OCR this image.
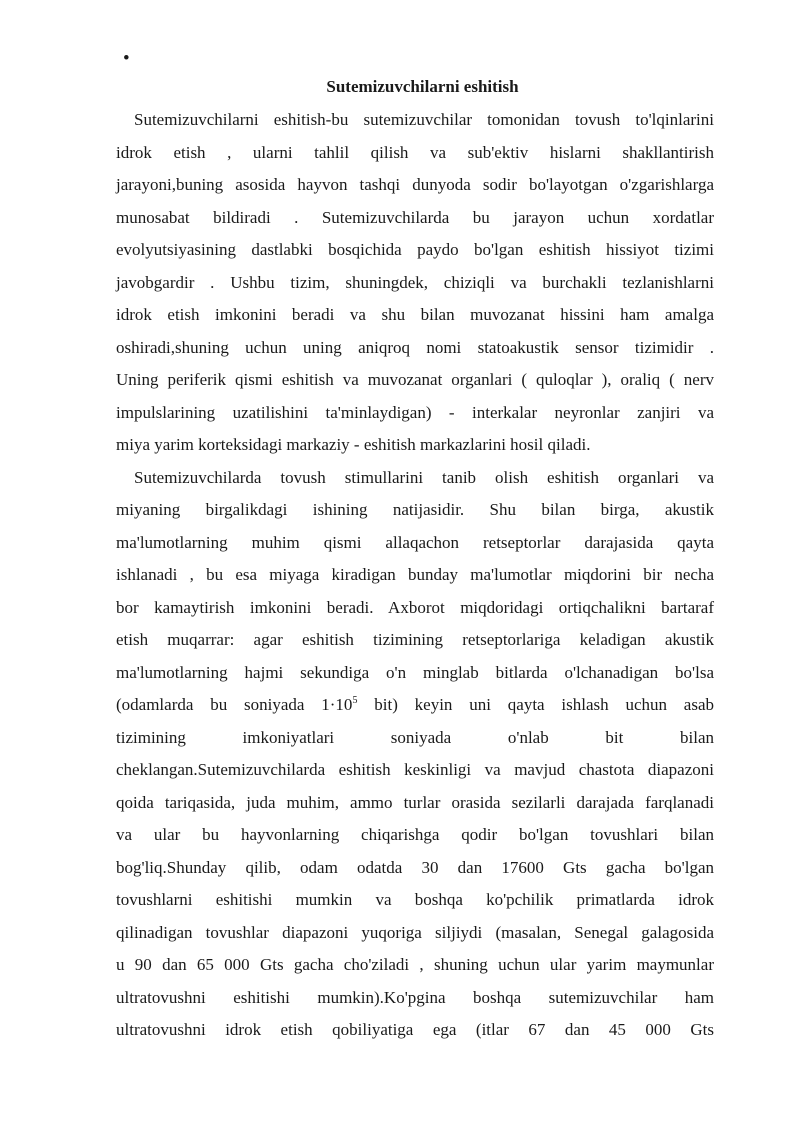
•
Sutemizuvchilarni eshitish
Sutemizuvchilarni eshitish-bu sutemizuvchilar tomonidan tovush to'lqinlarini
idrok etish , ularni tahlil qilish va sub'ektiv hislarni shakllantirish
jarayoni,buning asosida hayvon tashqi dunyoda sodir bo'layotgan o'zgarishlarga
munosabat bildiradi . Sutemizuvchilarda bu jarayon uchun xordatlar
evolyutsiyasining dastlabki bosqichida paydo bo'lgan eshitish hissiyot tizimi
javobgardir . Ushbu tizim, shuningdek, chiziqli va burchakli tezlanishlarni
idrok etish imkonini beradi va shu bilan muvozanat hissini ham amalga
oshiradi,shuning uchun uning aniqroq nomi statoakustik sensor tizimidir .
Uning periferik qismi eshitish va muvozanat organlari ( quloqlar ), oraliq ( nerv
impulslarining uzatilishini ta'minlaydigan) - interkalar neyronlar zanjiri va
miya yarim korteksidagi markaziy - eshitish markazlarini hosil qiladi.
Sutemizuvchilarda tovush stimullarini tanib olish eshitish organlari va
miyaning birgalikdagi ishining natijasidir. Shu bilan birga, akustik
ma'lumotlarning muhim qismi allaqachon retseptorlar darajasida qayta
ishlanadi , bu esa miyaga kiradigan bunday ma'lumotlar miqdorini bir necha
bor kamaytirish imkonini beradi. Axborot miqdoridagi ortiqchalikni bartaraf
etish muqarrar: agar eshitish tizimining retseptorlariga keladigan akustik
ma'lumotlarning hajmi sekundiga o'n minglab bitlarda o'lchanadigan bo'lsa
(odamlarda bu soniyada $1\cdot 10^5$ bit) keyin uni qayta ishlash uchun asab
tizimining imkoniyatlari soniyada o'nlab bit bilan
cheklangan.Sutemizuvchilarda eshitish keskinligi va mavjud chastota diapazoni
qoida tariqasida, juda muhim, ammo turlar orasida sezilarli darajada farqlanadi
va ular bu hayvonlarning chiqarishga qodir bo'lgan tovushlari bilan
bog'liq.Shunday qilib, odam odatda 30 dan 17600 Gts gacha bo'lgan
tovushlarni eshitishi mumkin va boshqa ko'pchilik primatlarda idrok
qilinadigan tovushlar diapazoni yuqoriga siljiydi (masalan, Senegal galagosida
u 90 dan 65 000 Gts gacha cho'ziladi , shuning uchun ular yarim maymunlar
ultratovushni eshitishi mumkin).Ko'pgina boshqa sutemizuvchilar ham
ultratovushni idrok etish qobiliyatiga ega (itlar 67 dan 45 000 Gts
